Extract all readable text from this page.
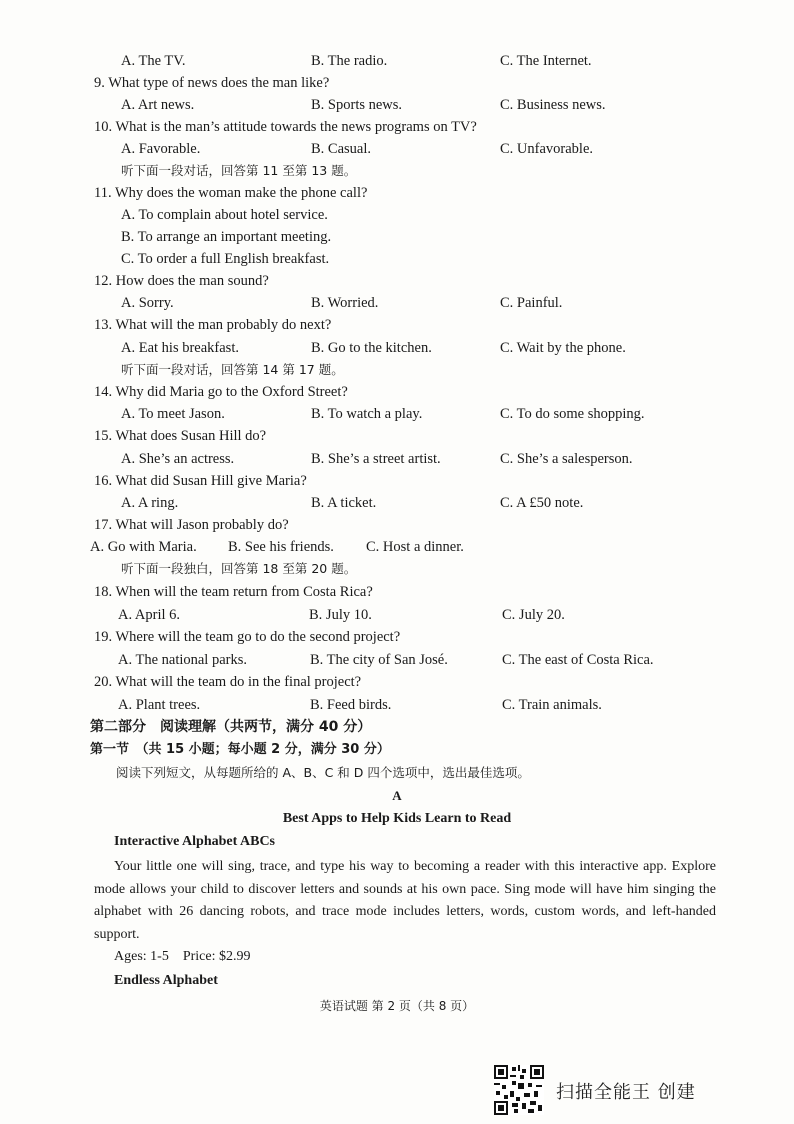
A. The TV.	B. The radio.	C. The Internet.
9. What type of news does the man like?
A. Art news.	B. Sports news.	C. Business news.
10. What is the man’s attitude towards the news programs on TV?
A. Favorable.	B. Casual.	C. Unfavorable.
听下面一段对话，回答第 11 至第 13 题。
11. Why does the woman make the phone call?
A. To complain about hotel service.
B. To arrange an important meeting.
C. To order a full English breakfast.
12. How does the man sound?
A. Sorry.	B. Worried.	C. Painful.
13. What will the man probably do next?
A. Eat his breakfast.	B. Go to the kitchen.	C. Wait by the phone.
听下面一段对话，回答第 14 第 17 题。
14. Why did Maria go to the Oxford Street?
A. To meet Jason.	B. To watch a play.	C. To do some shopping.
15. What does Susan Hill do?
A. She’s an actress.	B. She’s a street artist.	C. She’s a salesperson.
16. What did Susan Hill give Maria?
A. A ring.	B. A ticket.	C. A £50 note.
17. What will Jason probably do?
A. Go with Maria. B. See his friends. C. Host a dinner.
听下面一段独白，回答第 18 至第 20 题。
18. When will the team return from Costa Rica?
A. April 6.	B. July 10.	C. July 20.
19. Where will the team go to do the second project?
A. The national parks.	B. The city of San José.	C. The east of Costa Rica.
20. What will the team do in the final project?
A. Plant trees.	B. Feed birds.	C. Train animals.
第二部分　阅读理解（共两节，满分 40 分）
第一节　（共 15 小题；每小题 2 分，满分 30 分）
阅读下列短文，从每题所给的 A、B、C 和 D 四个选项中，选出最佳选项。
A
Best Apps to Help Kids Learn to Read
Interactive Alphabet ABCs
Your little one will sing, trace, and type his way to becoming a reader with this interactive app. Explore mode allows your child to discover letters and sounds at his own pace. Sing mode will have him singing the alphabet with 26 dancing robots, and trace mode includes letters, words, custom words, and left-handed support.
Ages: 1-5　Price: $2.99
Endless Alphabet
英语试题 第 2 页（共 8 页）
扫描全能王 创建
